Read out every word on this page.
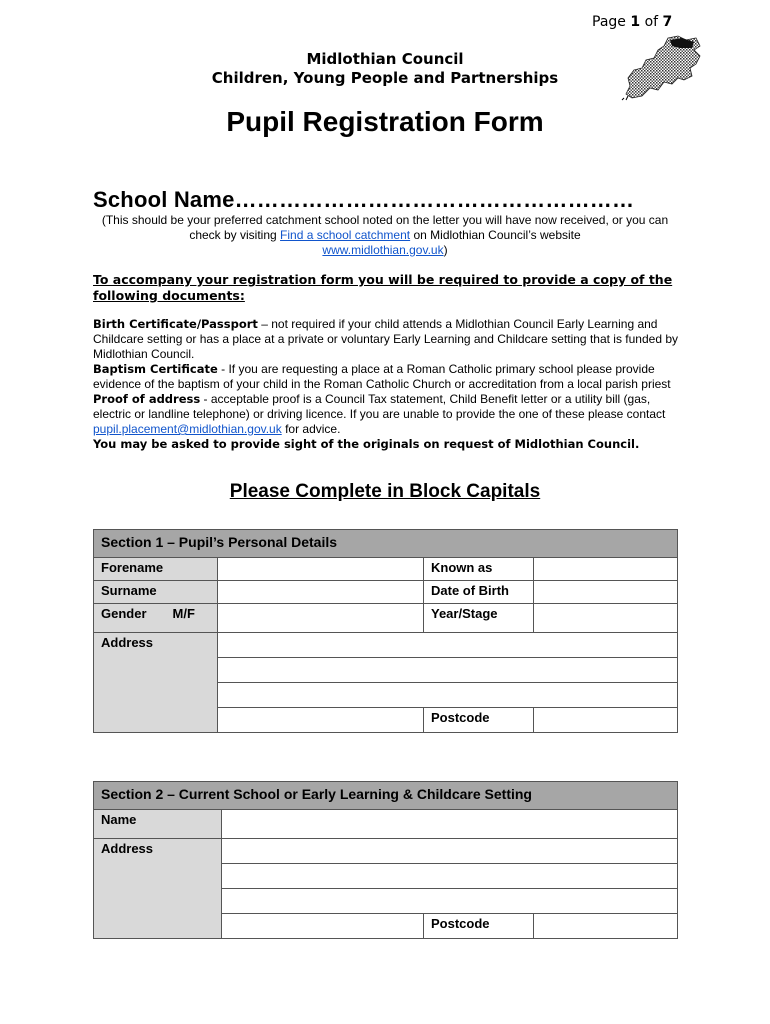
Page 1 of 7
Midlothian Council
Children, Young People and Partnerships
Pupil Registration Form
School Name………………………………………………
(This should be your preferred catchment school noted on the letter you will have now received, or you can check by visiting Find a school catchment on Midlothian Council’s website
www.midlothian.gov.uk)
To accompany your registration form you will be required to provide a copy of the following documents:

Birth Certificate/Passport – not required if your child attends a Midlothian Council Early Learning and Childcare setting or has a place at a private or voluntary Early Learning and Childcare setting that is funded by Midlothian Council.

Baptism Certificate - If you are requesting a place at a Roman Catholic primary school please provide evidence of the baptism of your child in the Roman Catholic Church or accreditation from a local parish priest

Proof of address - acceptable proof is a Council Tax statement, Child Benefit letter or a utility bill (gas, electric or landline telephone) or driving licence. If you are unable to provide the one of these please contact pupil.placement@midlothian.gov.uk for advice.

You may be asked to provide sight of the originals on request of Midlothian Council.

Please Complete in Block Capitals
Section 1 – Pupil’s Personal Details			
Forename		Known as	
Surname		Date of Birth	
Gender M/F		Year/Stage	
Address			

		Postcode	
Section 2 – Current School or Early Learning & Childcare Setting			
Name			
Address			

		Postcode	
